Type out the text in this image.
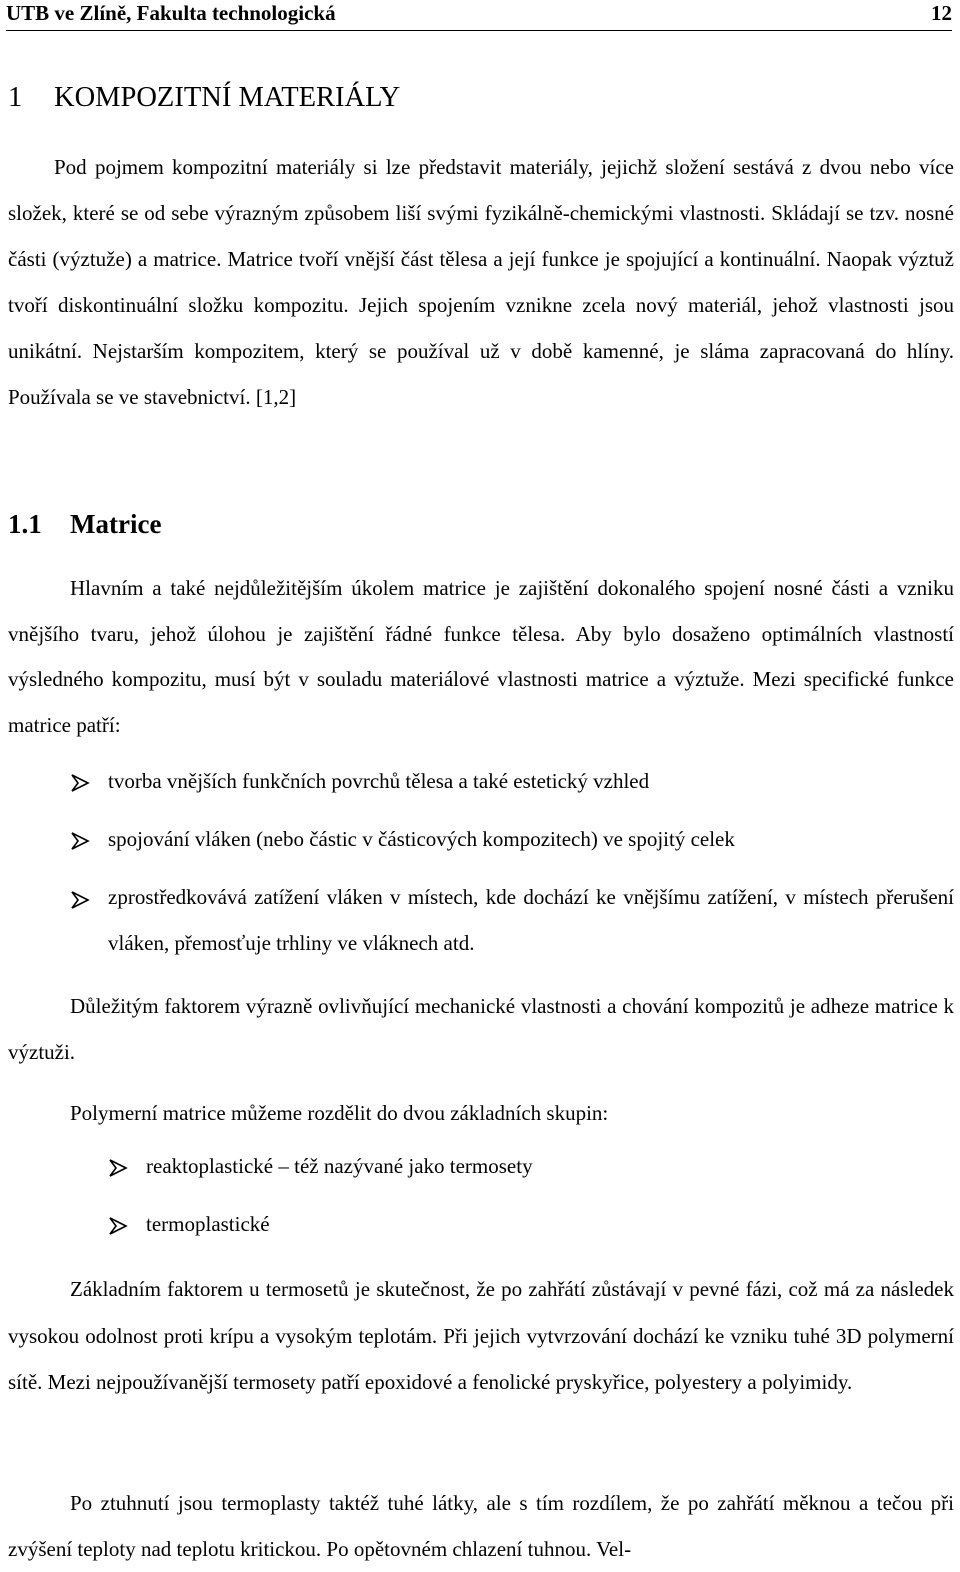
UTB ve Zlíně, Fakulta technologická	12
1 KOMPOZITNÍ MATERIÁLY

Pod pojmem kompozitní materiály si lze představit materiály, jejichž složení sestává z dvou nebo více složek, které se od sebe výrazným způsobem liší svými fyzikálně-chemickými vlastnosti. Skládají se tzv. nosné části (výztuže) a matrice. Matrice tvoří vnější část tělesa a její funkce je spojující a kontinuální. Naopak výztuž tvoří diskontinuální složku kompozitu. Jejich spojením vznikne zcela nový materiál, jehož vlastnosti jsou unikátní. Nejstarším kompozitem, který se používal už v době kamenné, je sláma zapracovaná do hlíny. Používala se ve stavebnictví. [1,2]

1.1 Matrice

Hlavním a také nejdůležitějším úkolem matrice je zajištění dokonalého spojení nosné části a vzniku vnějšího tvaru, jehož úlohou je zajištění řádné funkce tělesa. Aby bylo dosaženo optimálních vlastností výsledného kompozitu, musí být v souladu materiálové vlastnosti matrice a výztuže. Mezi specifické funkce matrice patří:

tvorba vnějších funkčních povrchů tělesa a také estetický vzhled
spojování vláken (nebo částic v částicových kompozitech) ve spojitý celek
zprostředkovává zatížení vláken v místech, kde dochází ke vnějšímu zatížení, v místech přerušení vláken, přemosťuje trhliny ve vláknech atd.

Důležitým faktorem výrazně ovlivňující mechanické vlastnosti a chování kompozitů je adheze matrice k výztuži.

Polymerní matrice můžeme rozdělit do dvou základních skupin:

reaktoplastické – též nazývané jako termosety
termoplastické

Základním faktorem u termosetů je skutečnost, že po zahřátí zůstávají v pevné fázi, což má za následek vysokou odolnost proti krípu a vysokým teplotám. Při jejich vytvrzování dochází ke vzniku tuhé 3D polymerní sítě. Mezi nejpoužívanější termosety patří epoxidové a fenolické pryskyřice, polyestery a polyimidy.

Po ztuhnutí jsou termoplasty taktéž tuhé látky, ale s tím rozdílem, že po zahřátí měknou a tečou při zvýšení teploty nad teplotu kritickou. Po opětovném chlazení tuhnou. Vel-
